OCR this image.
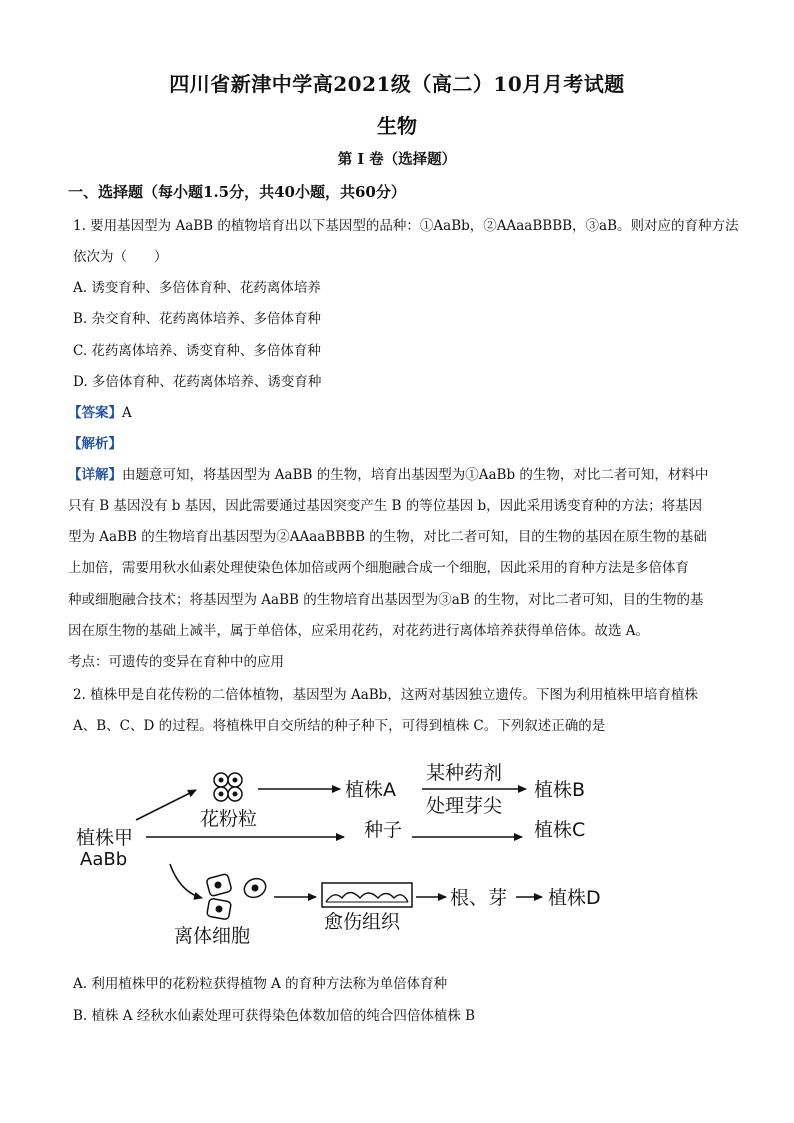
四川省新津中学高2021级（高二）10月月考试题
生物
第 I 卷（选择题）
一、选择题（每小题1.5分，共40小题，共60分）
1. 要用基因型为 AaBB 的植物培育出以下基因型的品种：①AaBb，②AAaaBBBB，③aB。则对应的育种方法
依次为（　　）
A. 诱变育种、多倍体育种、花药离体培养
B. 杂交育种、花药离体培养、多倍体育种
C. 花药离体培养、诱变育种、多倍体育种
D. 多倍体育种、花药离体培养、诱变育种
【答案】A
【解析】
【详解】由题意可知，将基因型为 AaBB 的生物，培育出基因型为①AaBb 的生物，对比二者可知，材料中
只有 B 基因没有 b 基因，因此需要通过基因突变产生 B 的等位基因 b，因此采用诱变育种的方法；将基因
型为 AaBB 的生物培育出基因型为②AAaaBBBB 的生物，对比二者可知，目的生物的基因在原生物的基础
上加倍，需要用秋水仙素处理使染色体加倍或两个细胞融合成一个细胞，因此采用的育种方法是多倍体育
种或细胞融合技术；将基因型为 AaBB 的生物培育出基因型为③aB 的生物，对比二者可知，目的生物的基
因在原生物的基础上减半，属于单倍体，应采用花药，对花药进行离体培养获得单倍体。故选 A。
考点：可遗传的变异在育种中的应用
2. 植株甲是自花传粉的二倍体植物，基因型为 AaBb，这两对基因独立遗传。下图为利用植株甲培育植株
A、B、C、D 的过程。将植株甲自交所结的种子种下，可得到植株 C。下列叙述正确的是
植株甲
AaBb
花粉粒
植株A
某种药剂
处理芽尖
植株B
种子	植株C
离体细胞
愈伤组织
根、芽 植株D
A. 利用植株甲的花粉粒获得植物 A 的育种方法称为单倍体育种
B. 植株 A 经秋水仙素处理可获得染色体数加倍的纯合四倍体植株 B
